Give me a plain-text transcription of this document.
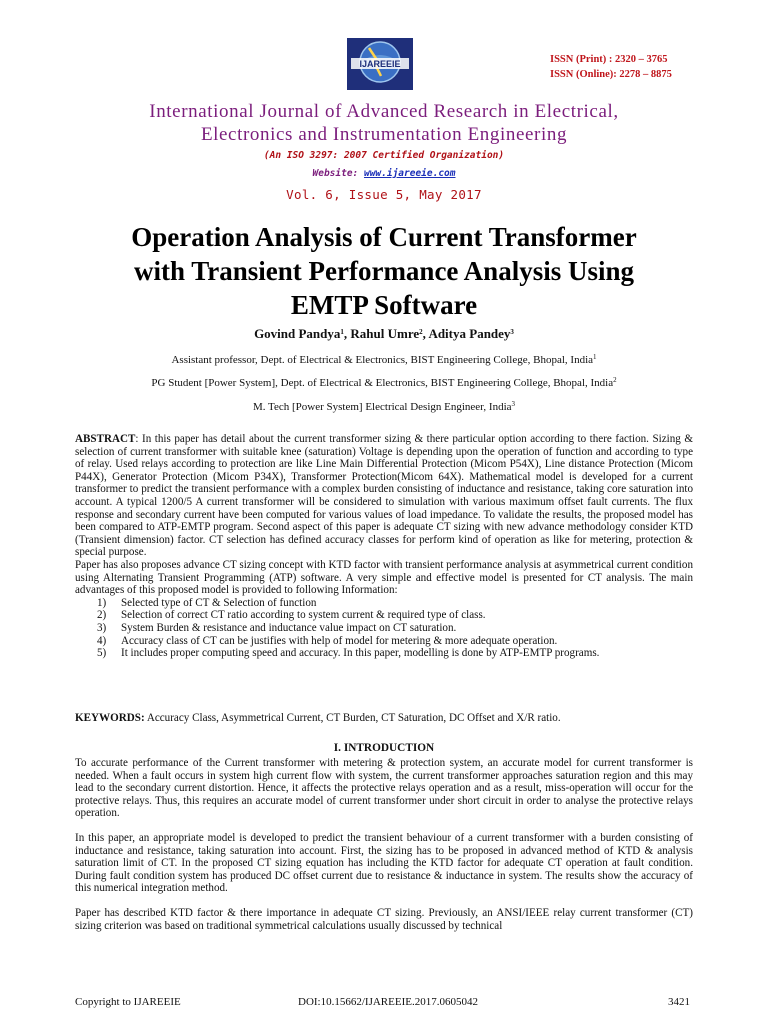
IJAREEIE	ISSN (Print) : 2320 – 3765
ISSN (Online): 2278 – 8875
International Journal of Advanced Research in Electrical,
Electronics and Instrumentation Engineering
(An ISO 3297: 2007 Certified Organization)
Website: www.ijareeie.com
Vol. 6, Issue 5, May 2017
Operation Analysis of Current Transformer
with Transient Performance Analysis Using
EMTP Software
Govind Pandya$^1$, Rahul Umre$^2$, Aditya Pandey$^3$
Assistant professor, Dept. of Electrical & Electronics, BIST Engineering College, Bhopal, India$^1$
PG Student [Power System], Dept. of Electrical & Electronics, BIST Engineering College, Bhopal, India$^2$
M. Tech [Power System] Electrical Design Engineer, India$^3$

ABSTRACT: In this paper has detail about the current transformer sizing & there particular option according to there faction. Sizing & selection of current transformer with suitable knee (saturation) Voltage is depending upon the operation of function and according to type of relay. Used relays according to protection are like Line Main Differential Protection (Micom P54X), Line distance Protection (Micom P44X), Generator Protection (Micom P34X), Transformer Protection(Micom 64X). Mathematical model is developed for a current transformer to predict the transient performance with a complex burden consisting of inductance and resistance, taking core saturation into account. A typical 1200/5 A current transformer will be considered to simulation with various maximum offset fault currents. The flux response and secondary current have been computed for various values of load impedance. To validate the results, the proposed model has been compared to ATP-EMTP program. Second aspect of this paper is adequate CT sizing with new advance methodology consider KTD (Transient dimension) factor. CT selection has defined accuracy classes for perform kind of operation as like for metering, protection & special purpose.

Paper has also proposes advance CT sizing concept with KTD factor with transient performance analysis at asymmetrical current condition using Alternating Transient Programming (ATP) software. A very simple and effective model is presented for CT analysis. The main advantages of this proposed model is provided to following Information:

1) Selected type of CT & Selection of function
2) Selection of correct CT ratio according to system current & required type of class.
3) System Burden & resistance and inductance value impact on CT saturation.
4) Accuracy class of CT can be justifies with help of model for metering & more adequate operation.
5) It includes proper computing speed and accuracy. In this paper, modelling is done by ATP-EMTP programs.

KEYWORDS: Accuracy Class, Asymmetrical Current, CT Burden, CT Saturation, DC Offset and X/R ratio.

I. INTRODUCTION

To accurate performance of the Current transformer with metering & protection system, an accurate model for current transformer is needed. When a fault occurs in system high current flow with system, the current transformer approaches saturation region and this may lead to the secondary current distortion. Hence, it affects the protective relays operation and as a result, miss-operation will occur for the protective relays. Thus, this requires an accurate model of current transformer under short circuit in order to analyse the protective relays operation.

In this paper, an appropriate model is developed to predict the transient behaviour of a current transformer with a burden consisting of inductance and resistance, taking saturation into account. First, the sizing has to be proposed in advanced method of KTD & analysis saturation limit of CT. In the proposed CT sizing equation has including the KTD factor for adequate CT operation at fault condition. During fault condition system has produced DC offset current due to resistance & inductance in system. The results show the accuracy of this numerical integration method.

Paper has described KTD factor & there importance in adequate CT sizing. Previously, an ANSI/IEEE relay current transformer (CT) sizing criterion was based on traditional symmetrical calculations usually discussed by technical

Copyright to IJAREEIE	DOI:10.15662/IJAREEIE.2017.0605042	3421
